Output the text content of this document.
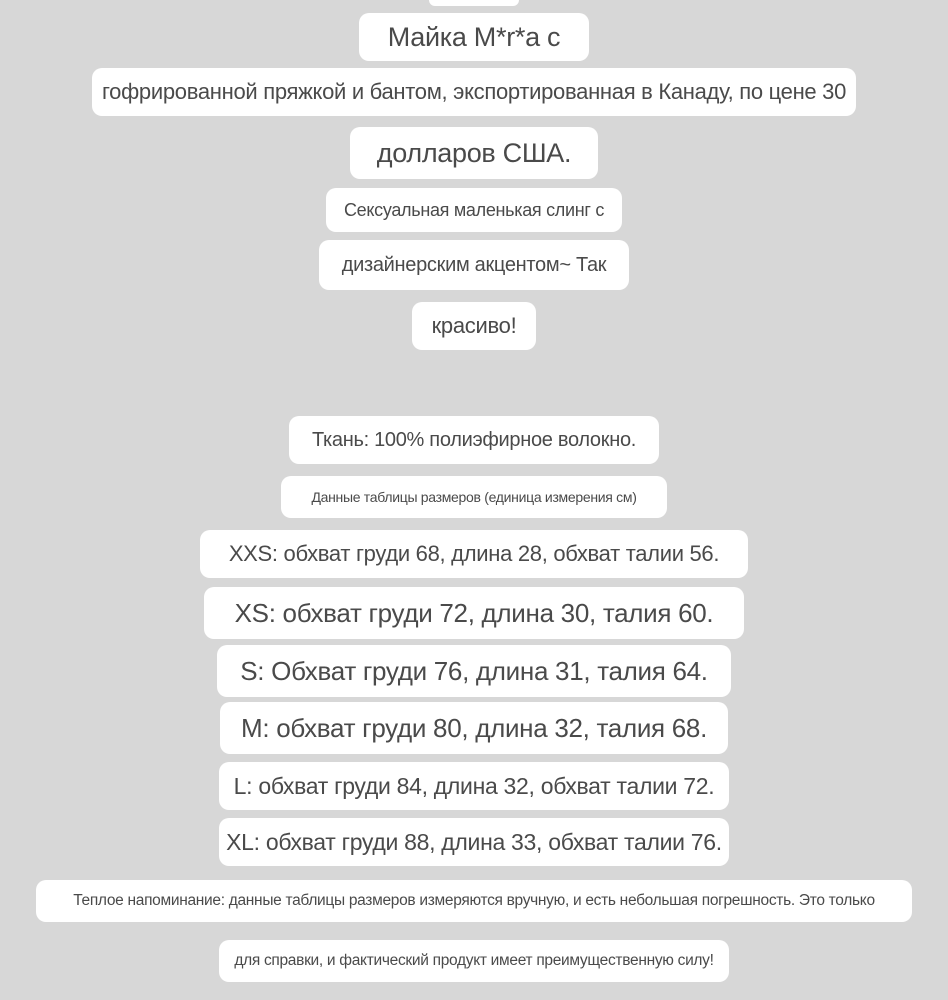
Майка M*r*a с
гофрированной пряжкой и бантом, экспортированная в Канаду, по цене 30
долларов США.
Сексуальная маленькая слинг с
дизайнерским акцентом~ Так
красиво!
Ткань: 100% полиэфирное волокно.
Данные таблицы размеров (единица измерения см)
XXS: обхват груди 68, длина 28, обхват талии 56.
XS: обхват груди 72, длина 30, талия 60.
S: Обхват груди 76, длина 31, талия 64.
M: обхват груди 80, длина 32, талия 68.
L: обхват груди 84, длина 32, обхват талии 72.
XL: обхват груди 88, длина 33, обхват талии 76.
Теплое напоминание: данные таблицы размеров измеряются вручную, и есть небольшая погрешность. Это только
для справки, и фактический продукт имеет преимущественную силу!
